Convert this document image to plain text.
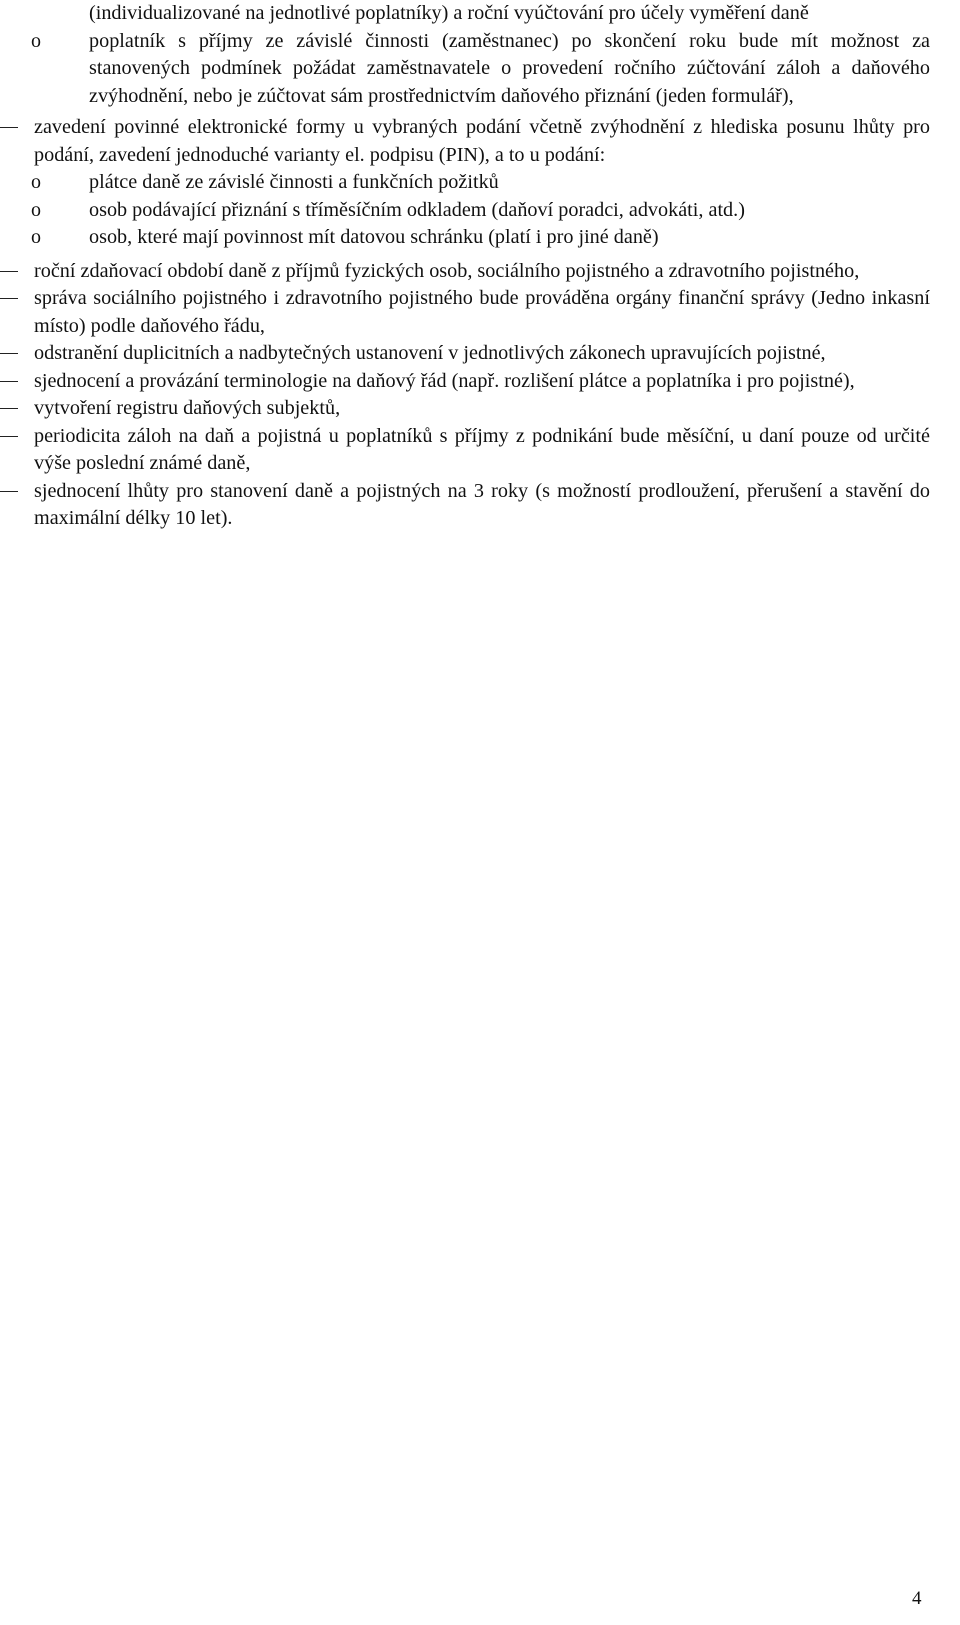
(individualizované na jednotlivé poplatníky) a roční vyúčtování pro účely vyměření daně
o poplatník s příjmy ze závislé činnosti (zaměstnanec) po skončení roku bude mít možnost za stanovených podmínek požádat zaměstnavatele o provedení ročního zúčtování záloh a daňového zvýhodnění, nebo je zúčtovat sám prostřednictvím daňového přiznání (jeden formulář),
zavedení povinné elektronické formy u vybraných podání včetně zvýhodnění z hlediska posunu lhůty pro podání, zavedení jednoduché varianty el. podpisu (PIN), a to u podání:
o plátce daně ze závislé činnosti a funkčních požitků
o osob podávající přiznání s tříměsíčním odkladem (daňoví poradci, advokáti, atd.)
o osob, které mají povinnost mít datovou schránku (platí i pro jiné daně)
roční zdaňovací období daně z příjmů fyzických osob, sociálního pojistného a zdravotního pojistného,
správa sociálního pojistného i zdravotního pojistného bude prováděna orgány finanční správy (Jedno inkasní místo) podle daňového řádu,
odstranění duplicitních a nadbytečných ustanovení v jednotlivých zákonech upravujících pojistné,
sjednocení a provázání terminologie na daňový řád (např. rozlišení plátce a poplatníka i pro pojistné),
vytvoření registru daňových subjektů,
periodicita záloh na daň a pojistná u poplatníků s příjmy z podnikání bude měsíční, u daní pouze od určité výše poslední známé daně,
sjednocení lhůty pro stanovení daně a pojistných na 3 roky (s možností prodloužení, přerušení a stavění do maximální délky 10 let).
4
